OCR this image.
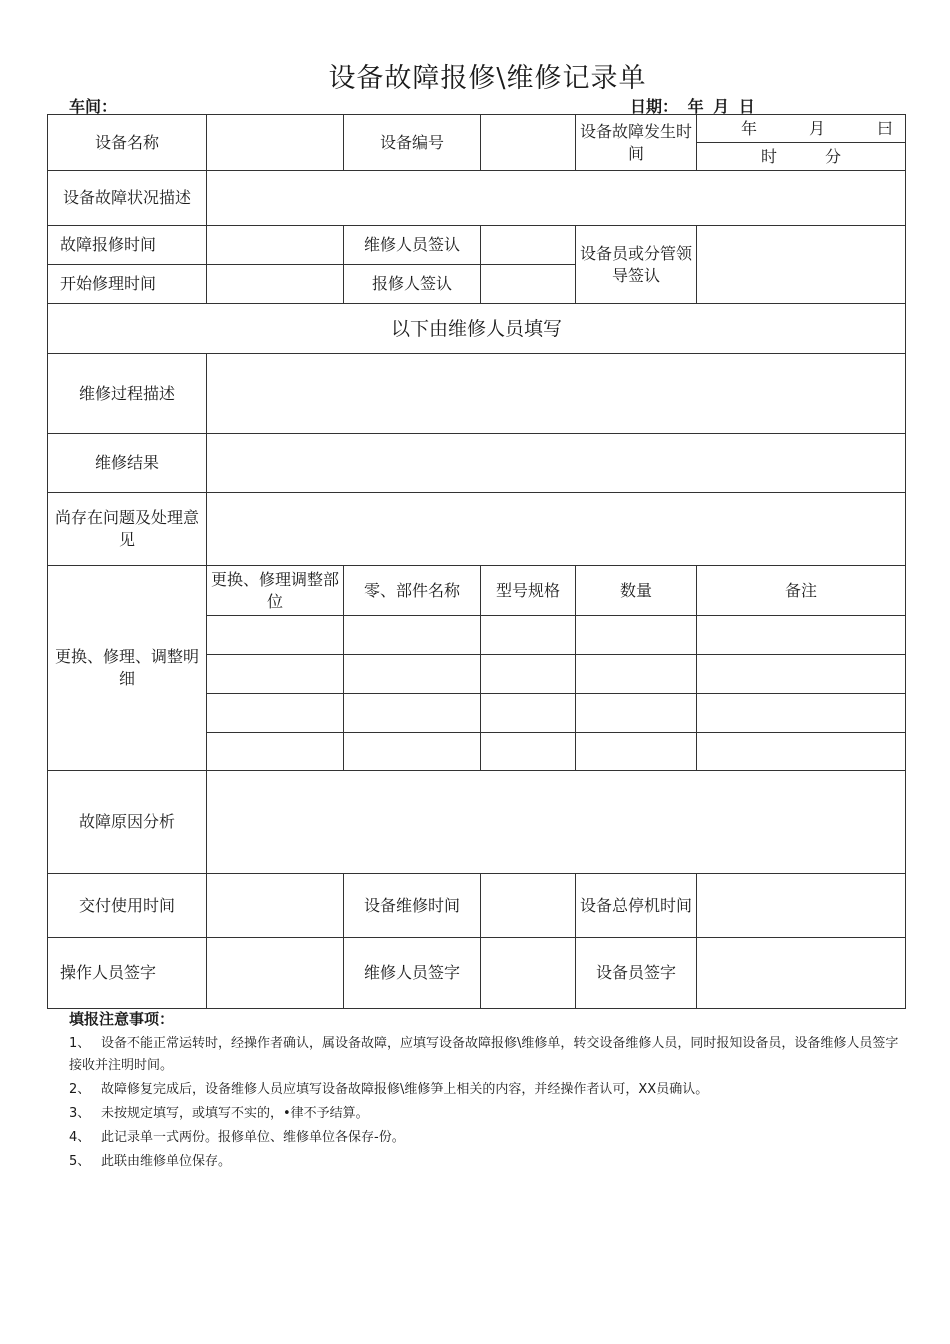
设备故障报修\维修记录单
车间：	日期： 年 月 日
设备名称		设备编号		设备故障发生时间	年 月 曰
时 分

设备故障状况描述					
故障报修时间		维修人员签认		设备员或分管领导签认	
开始修理时间		报修人签认			
以下由维修人员填写					
维修过程描述					
维修结果					
尚存在问题及处理意见					
更换、修理、调整明细	更换、修理调整部位	零、部件名称	型号规格	数量	备注

故障原因分析					
交付使用时间		设备维修时间		设备总停机时间	
操作人员签字		维修人员签字		设备员签字	
填报注意事项：
1、 设备不能正常运转时，经操作者确认，属设备故障，应填写设备故障报修\维修单，转交设备维修人员，同时报知设备员，设备维修人员签字接收并注明时间。
2、 故障修复完成后，设备维修人员应填写设备故障报修\维修笋上相关的内容，并经操作者认可，XX员确认。
3、 未按规定填写，或填写不实的，•律不予结算。
4、 此记录单一式两份。报修单位、维修单位各保存-份。
5、 此联由维修单位保存。
